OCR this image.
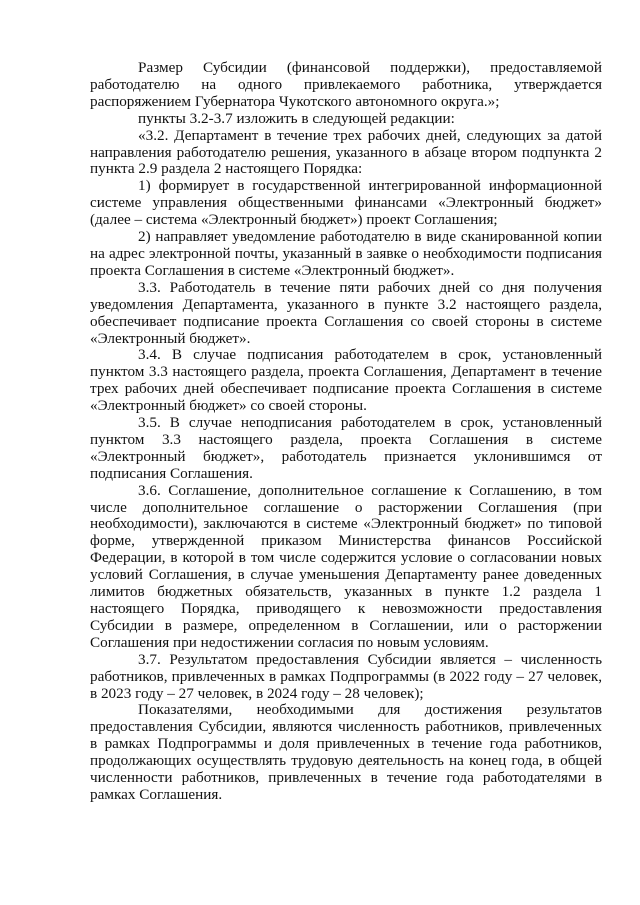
Размер Субсидии (финансовой поддержки), предоставляемой работодателю на одного привлекаемого работника, утверждается распоряжением Губернатора Чукотского автономного округа.»;

пункты 3.2-3.7 изложить в следующей редакции:

«3.2. Департамент в течение трех рабочих дней, следующих за датой направления работодателю решения, указанного в абзаце втором подпункта 2 пункта 2.9 раздела 2 настоящего Порядка:

1) формирует в государственной интегрированной информационной системе управления общественными финансами «Электронный бюджет» (далее – система «Электронный бюджет») проект Соглашения;

2) направляет уведомление работодателю в виде сканированной копии на адрес электронной почты, указанный в заявке о необходимости подписания проекта Соглашения в системе «Электронный бюджет».

3.3. Работодатель в течение пяти рабочих дней со дня получения уведомления Департамента, указанного в пункте 3.2 настоящего раздела, обеспечивает подписание проекта Соглашения со своей стороны в системе «Электронный бюджет».

3.4. В случае подписания работодателем в срок, установленный пунктом 3.3 настоящего раздела, проекта Соглашения, Департамент в течение трех рабочих дней обеспечивает подписание проекта Соглашения в системе «Электронный бюджет» со своей стороны.

3.5. В случае неподписания работодателем в срок, установленный пунктом 3.3 настоящего раздела, проекта Соглашения в системе «Электронный бюджет», работодатель признается уклонившимся от подписания Соглашения.

3.6. Соглашение, дополнительное соглашение к Соглашению, в том числе дополнительное соглашение о расторжении Соглашения (при необходимости), заключаются в системе «Электронный бюджет» по типовой форме, утвержденной приказом Министерства финансов Российской Федерации, в которой в том числе содержится условие о согласовании новых условий Соглашения, в случае уменьшения Департаменту ранее доведенных лимитов бюджетных обязательств, указанных в пункте 1.2 раздела 1 настоящего Порядка, приводящего к невозможности предоставления Субсидии в размере, определенном в Соглашении, или о расторжении Соглашения при недостижении согласия по новым условиям.

3.7. Результатом предоставления Субсидии является – численность работников, привлеченных в рамках Подпрограммы (в 2022 году – 27 человек, в 2023 году – 27 человек, в 2024 году – 28 человек);

Показателями, необходимыми для достижения результатов предоставления Субсидии, являются численность работников, привлеченных в рамках Подпрограммы и доля привлеченных в течение года работников, продолжающих осуществлять трудовую деятельность на конец года, в общей численности работников, привлеченных в течение года работодателями в рамках Соглашения.
